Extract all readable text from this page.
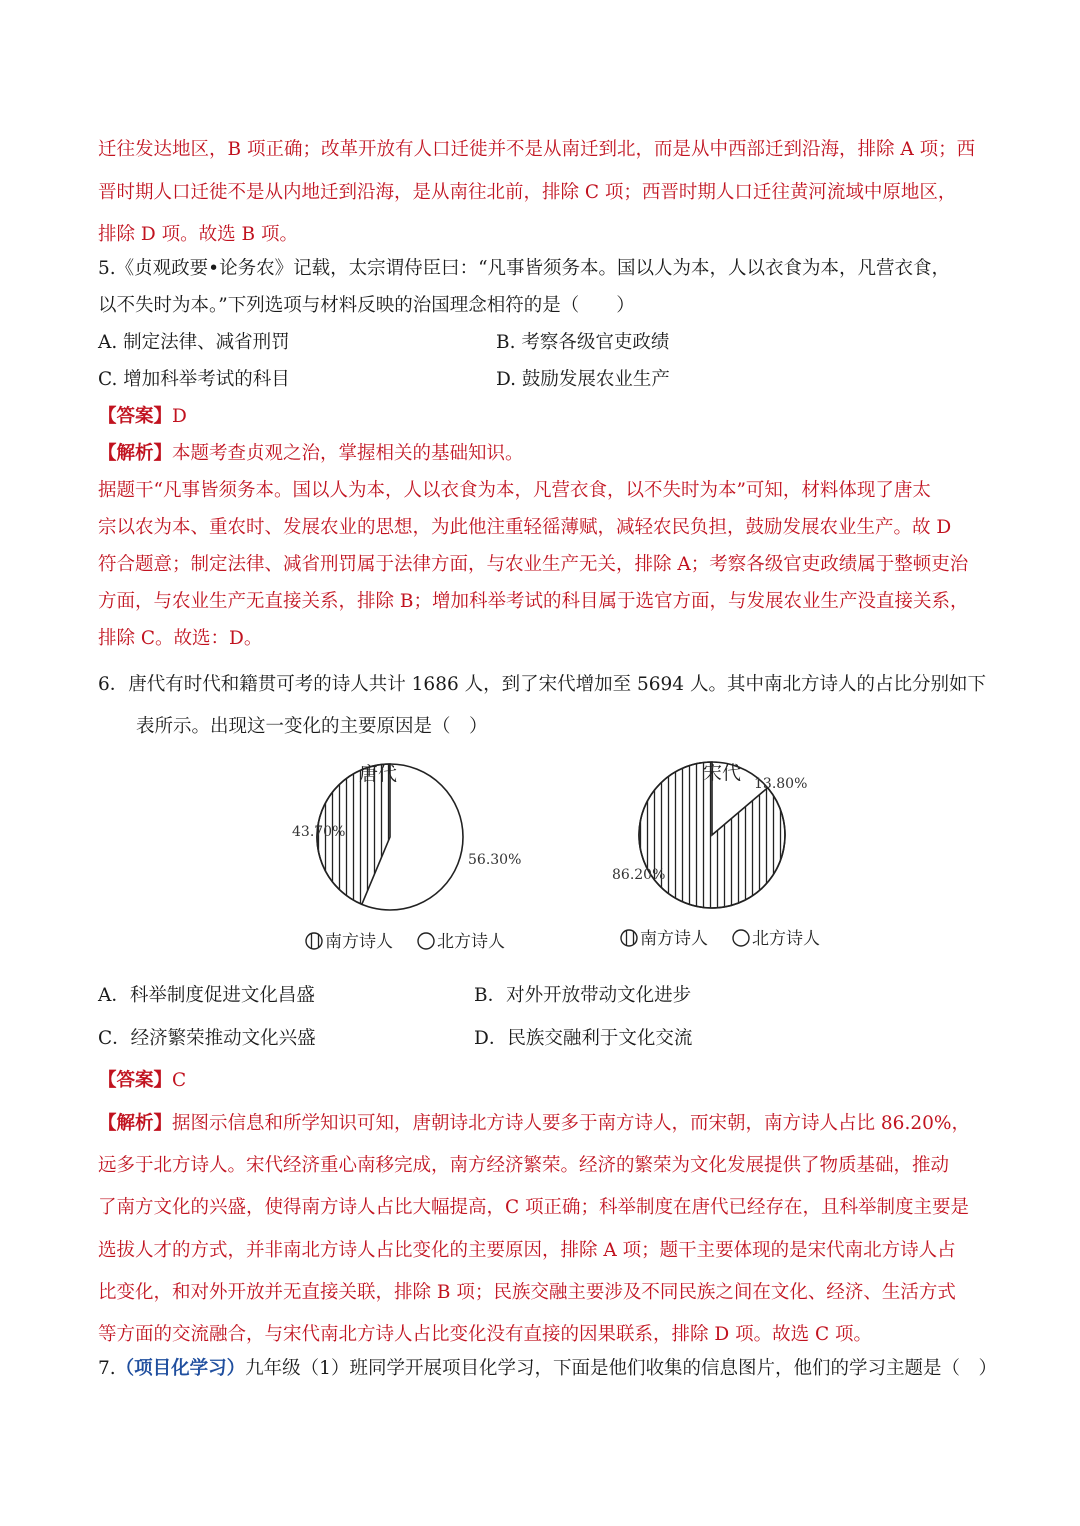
迁往发达地区，B 项正确；改革开放有人口迁徙并不是从南迁到北，而是从中西部迁到沿海，排除 A 项；西
晋时期人口迁徙不是从内地迁到沿海，是从南往北前，排除 C 项；西晋时期人口迁往黄河流域中原地区，
排除 D 项。故选 B 项。
5.《贞观政要•论务农》记载，太宗谓侍臣曰：“凡事皆须务本。国以人为本，人以衣食为本，凡营衣食，
以不失时为本。”下列选项与材料反映的治国理念相符的是（　　）
A. 制定法律、减省刑罚	B. 考察各级官吏政绩
C. 增加科举考试的科目	D. 鼓励发展农业生产
【答案】D
【解析】本题考查贞观之治，掌握相关的基础知识。
据题干“凡事皆须务本。国以人为本，人以衣食为本，凡营衣食，以不失时为本”可知，材料体现了唐太
宗以农为本、重农时、发展农业的思想，为此他注重轻徭薄赋，减轻农民负担，鼓励发展农业生产。故 D
符合题意；制定法律、减省刑罚属于法律方面，与农业生产无关，排除 A；考察各级官吏政绩属于整顿吏治
方面，与农业生产无直接关系，排除 B；增加科举考试的科目属于选官方面，与发展农业生产没直接关系，
排除 C。故选：D。
6．唐代有时代和籍贯可考的诗人共计 1686 人，到了宋代增加至 5694 人。其中南北方诗人的占比分别如下
表所示。出现这一变化的主要原因是（　）
唐代
43.70%
56.30%
南方诗人	北方诗人
宋代
86.20%
13.80%
南方诗人	北方诗人
A．科举制度促进文化昌盛	B．对外开放带动文化进步
C．经济繁荣推动文化兴盛	D．民族交融利于文化交流
【答案】C
【解析】据图示信息和所学知识可知，唐朝诗北方诗人要多于南方诗人，而宋朝，南方诗人占比 86.20%，
远多于北方诗人。宋代经济重心南移完成，南方经济繁荣。经济的繁荣为文化发展提供了物质基础，推动
了南方文化的兴盛，使得南方诗人占比大幅提高，C 项正确；科举制度在唐代已经存在，且科举制度主要是
选拔人才的方式，并非南北方诗人占比变化的主要原因，排除 A 项；题干主要体现的是宋代南北方诗人占
比变化，和对外开放并无直接关联，排除 B 项；民族交融主要涉及不同民族之间在文化、经济、生活方式
等方面的交流融合，与宋代南北方诗人占比变化没有直接的因果联系，排除 D 项。故选 C 项。
7.（项目化学习）九年级（1）班同学开展项目化学习，下面是他们收集的信息图片，他们的学习主题是（　）
